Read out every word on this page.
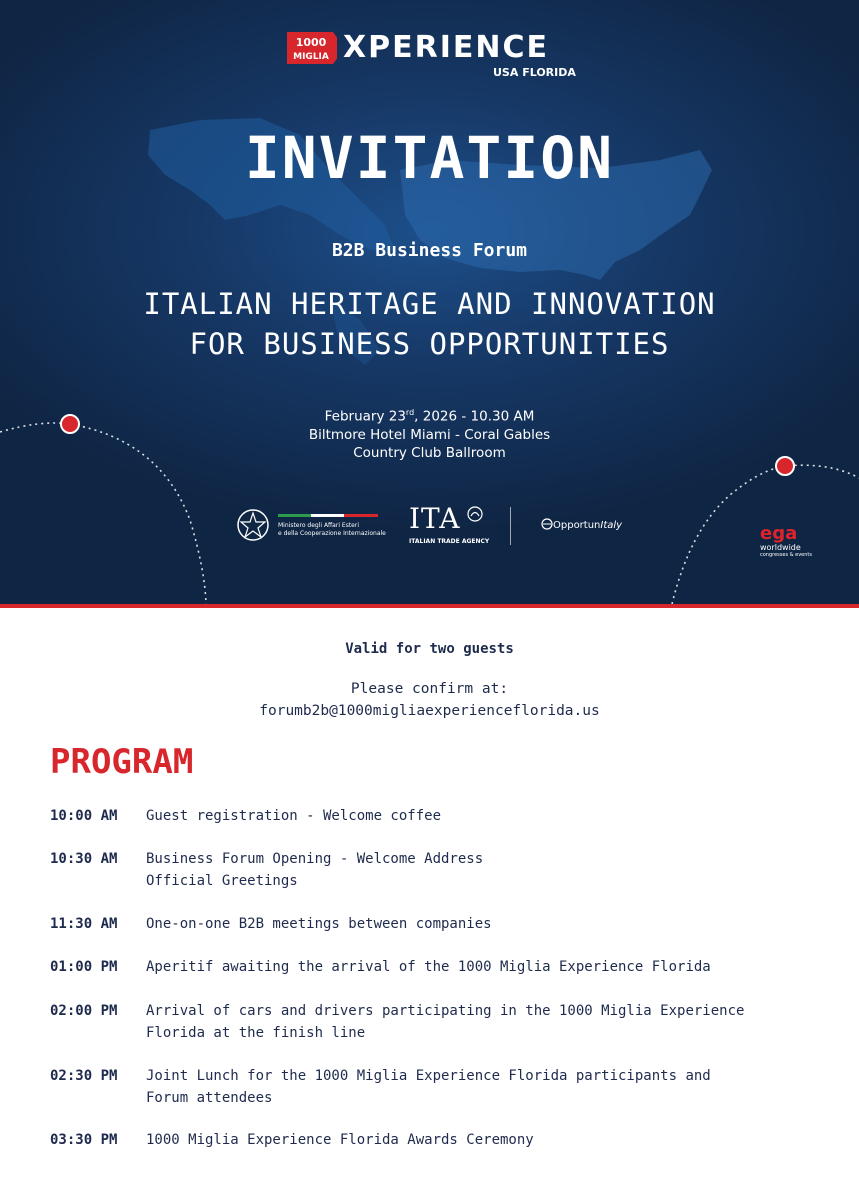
1000
MIGLIA XPERIENCE
USA FLORIDA
INVITATION
B2B Business Forum
ITALIAN HERITAGE AND INNOVATION
FOR BUSINESS OPPORTUNITIES
February 23rd, 2026 - 10.30 AM
Biltmore Hotel Miami - Coral Gables
Country Club Ballroom
Ministero degli Affari Esteri
e della Cooperazione Internazionale ITA
ITALIAN TRADE AGENCY
OpportunItaly	ega
worldwide
congresses & events
Valid for two guests
Please confirm at:
forumb2b@1000migliaexperienceflorida.us
PROGRAM
10:00 AM	Guest registration - Welcome coffee
10:30 AM	Business Forum Opening - Welcome Address
Official Greetings
11:30 AM	One-on-one B2B meetings between companies
01:00 PM	Aperitif awaiting the arrival of the 1000 Miglia Experience Florida
02:00 PM	Arrival of cars and drivers participating in the 1000 Miglia Experience
Florida at the finish line
02:30 PM	Joint Lunch for the 1000 Miglia Experience Florida participants and
Forum attendees
03:30 PM	1000 Miglia Experience Florida Awards Ceremony
